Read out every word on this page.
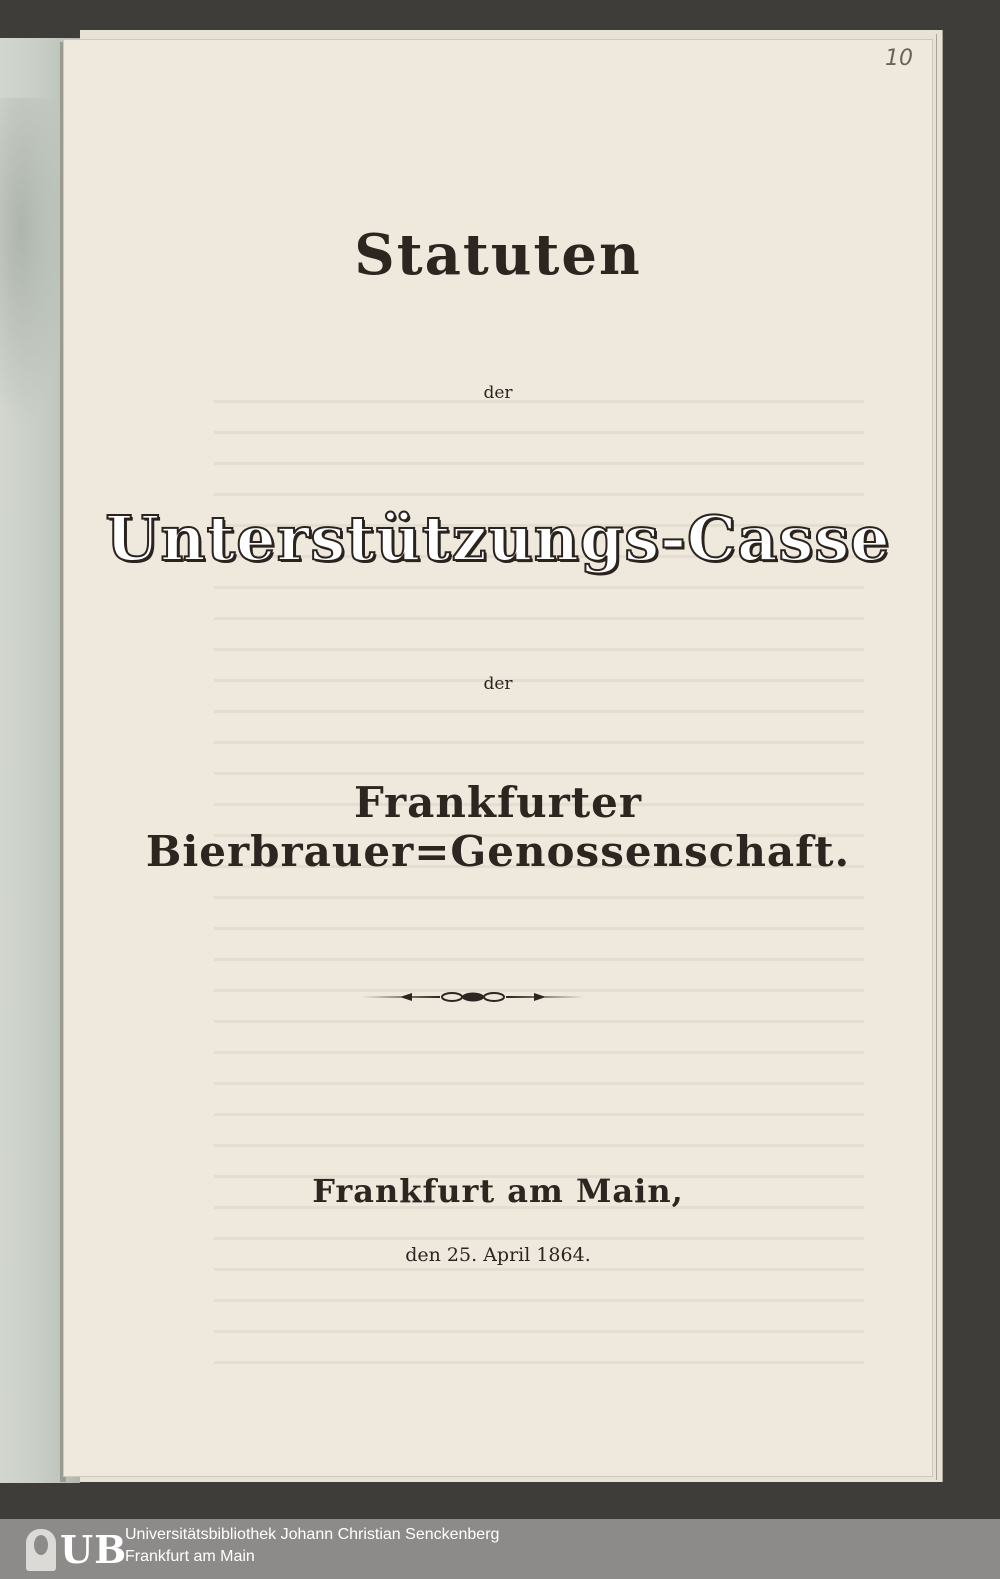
10
Statuten
der
Unterstützungs-Casse
der
Frankfurter Bierbrauer=Genossenschaft.
Frankfurt am Main,
den 25. April 1864.
UB
Universitätsbibliothek Johann Christian Senckenberg
Frankfurt am Main
